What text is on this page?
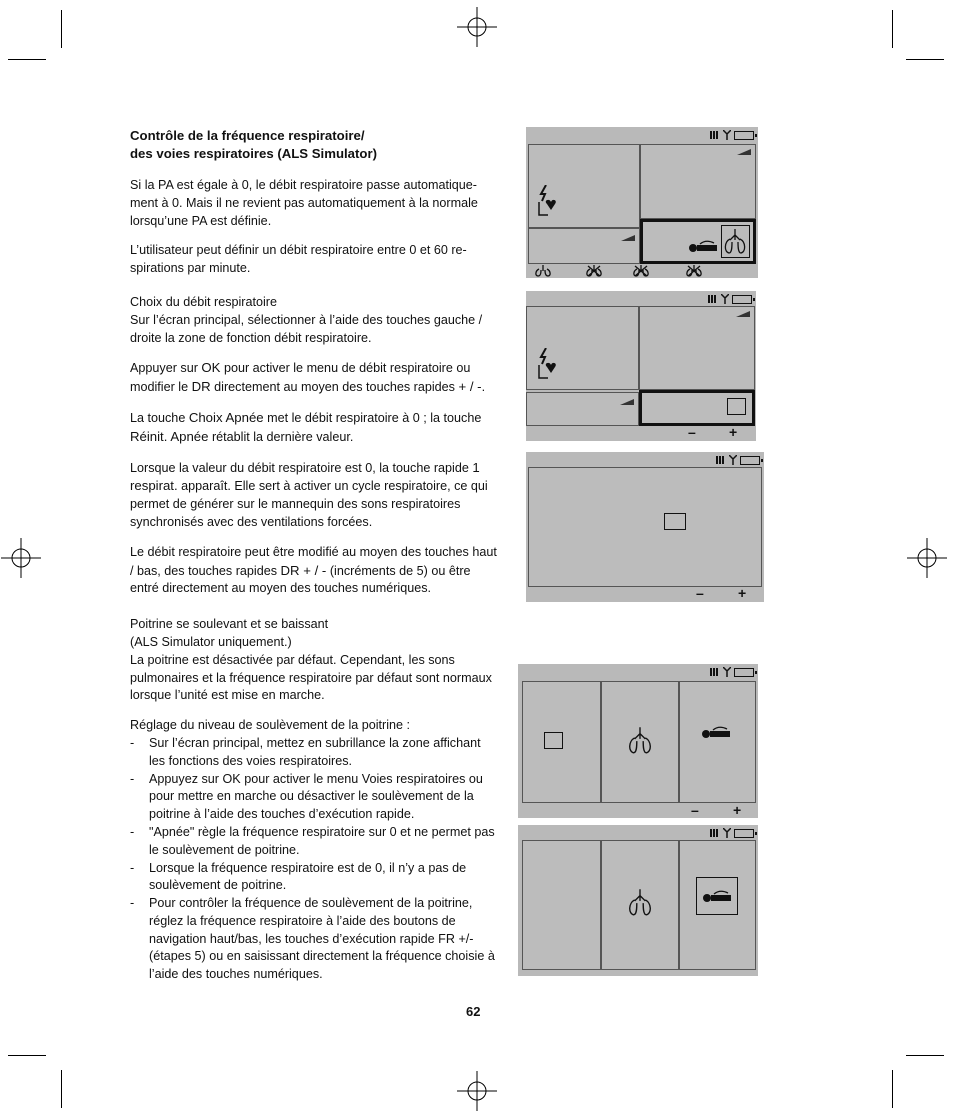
Contrôle de la fréquence respiratoire/
des voies respiratoires (ALS Simulator)

Si la PA est égale à 0, le débit respiratoire passe automatique-ment à 0. Mais il ne revient pas automatiquement à la normale lorsqu’une PA est définie.

L’utilisateur peut définir un débit respiratoire entre 0 et 60 re-spirations par minute.

Choix du débit respiratoire

Sur l’écran principal, sélectionner à l’aide des touches gauche / droite la zone de fonction débit respiratoire.

Appuyer sur OK pour activer le menu de débit respiratoire ou modifier le DR directement au moyen des touches rapides + / -.

La touche Choix Apnée met le débit respiratoire à 0 ; la touche Réinit. Apnée rétablit la dernière valeur.

Lorsque la valeur du débit respiratoire est 0, la touche rapide 1 respirat. apparaît. Elle sert à activer un cycle respiratoire, ce qui permet de générer sur le mannequin des sons respiratoires synchronisés avec des ventilations forcées.

Le débit respiratoire peut être modifié au moyen des touches haut / bas, des touches rapides DR + / - (incréments de 5) ou être entré directement au moyen des touches numériques.

Poitrine se soulevant et se baissant
(ALS Simulator uniquement.)

La poitrine est désactivée par défaut. Cependant, les sons pulmonaires et la fréquence respiratoire par défaut sont normaux lorsque l’unité est mise en marche.

Réglage du niveau de soulèvement de la poitrine :
- Sur l’écran principal, mettez en subrillance la zone affichant les fonctions des voies respiratoires.
- Appuyez sur OK pour activer le menu Voies respiratoires ou pour mettre en marche ou désactiver le soulèvement de la poitrine à l’aide des touches d’exécution rapide.
- "Apnée" règle la fréquence respiratoire sur 0 et ne permet pas le soulèvement de poitrine.
- Lorsque la fréquence respiratoire est de 0, il n’y a pas de soulèvement de poitrine.
- Pour contrôler la fréquence de soulèvement de la poitrine, réglez la fréquence respiratoire à l’aide des boutons de navigation haut/bas, les touches d’exécution rapide FR +/- (étapes 5) ou en saisissant directement la fréquence choisie à l’aide des touches numériques.
62
– +
– +
– +
